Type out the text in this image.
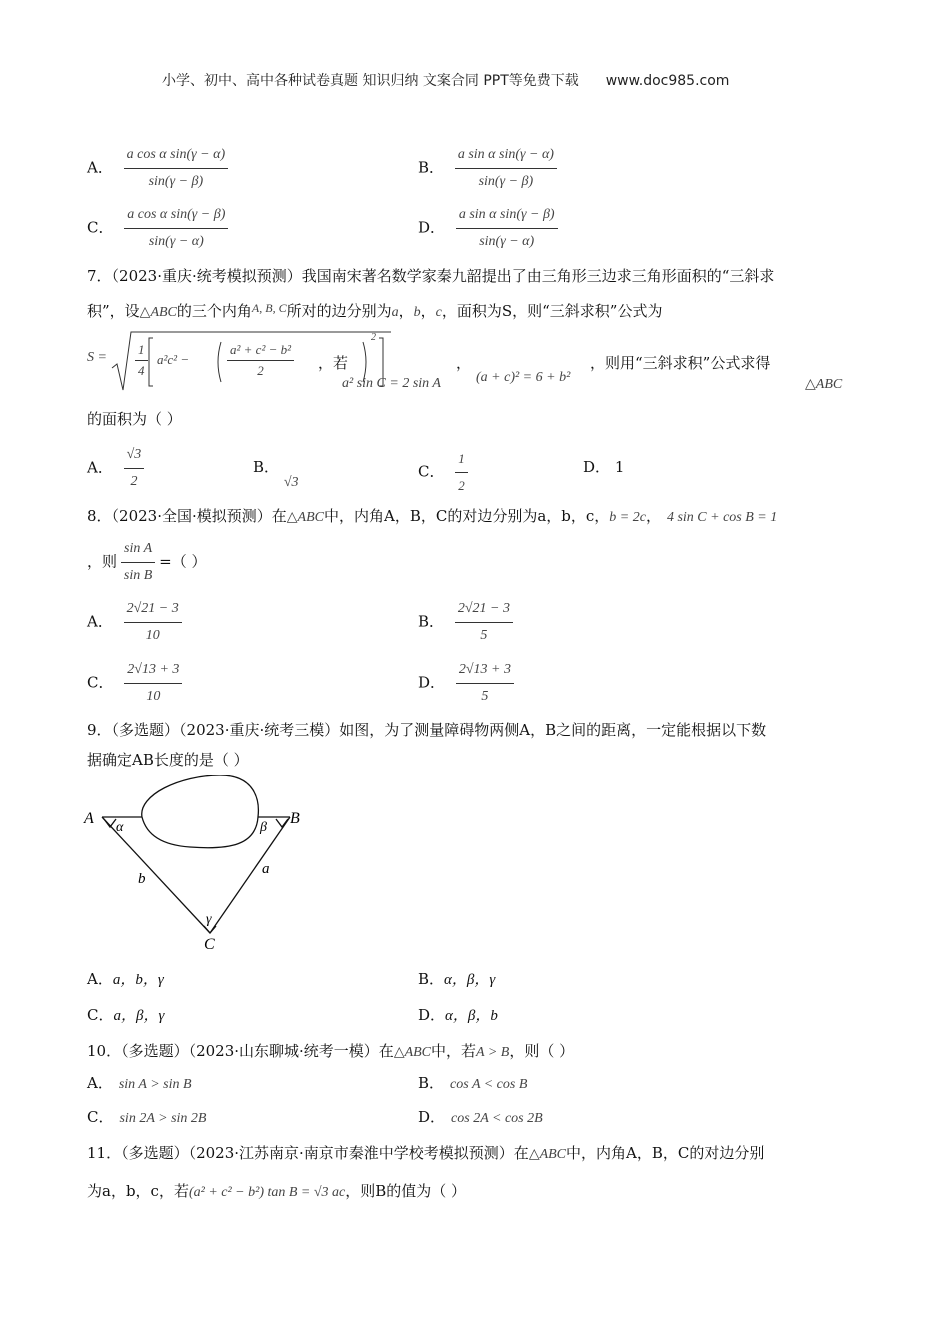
小学、初中、高中各种试卷真题 知识归纳 文案合同 PPT等免费下载 www.doc985.com
A． $\frac{\text{a cos α sin(γ − α)}}{\sin(\gamma - \beta)}$	B． $\frac{\text{a sin α sin(γ − α)}}{\sin(\gamma - \beta)}$
C． $\frac{\text{a cos α sin(γ − β)}}{\sin(\gamma - \alpha)}$	D． $\frac{\text{a sin α sin(γ − β)}}{\sin(\gamma - \alpha)}$
7．（2023·重庆·统考模拟预测）我国南宋著名数学家秦九韶提出了由三角形三边求三角形面积的“三斜求
积”，设△ABC的三个内角$^{A, B, C}$所对的边分别为a，b，c，面积为S，则“三斜求积”公式为
$S = \frac{1}{4} a^2c^2$ −	$\frac{\text{a² + c² − b²}}{2}$
2
，若
a² sin C = 2 sin A
，
(a + c)² = 6 + b²
，则用“三斜求积”公式求得
△ABC
的面积为（ ）
A． $\frac{√3}{2}$	B． √3
C． $\frac{1}{2}$	D． 1
8．（2023·全国·模拟预测）在△ABC中，内角A，B，C的对边分别为a，b，c，b = 2c， 4 sin C + cos B = 1
，则 $\frac{\text{sin A}}{\text{sin B}}$ =（ ）
A． $\frac{2√21 - 3}{10}$	B． $\frac{2√21 - 3}{5}$
C． $\frac{2√13 + 3}{10}$	D． $\frac{2√13 + 3}{5}$
9．（多选题）（2023·重庆·统考三模）如图，为了测量障碍物两侧A，B之间的距离，一定能根据以下数
据确定AB长度的是（ ）
A	B
C
α	β
γ
b
a
A．a，b，γ	B．α，β，γ
C．a，β，γ	D．α，β，b
10．（多选题）（2023·山东聊城·统考一模）在△ABC中，若A > B，则（ ）
A． sin A > sin B	B． cos A < cos B
C． sin 2A > sin 2B	D． cos 2A < cos 2B
11．（多选题）（2023·江苏南京·南京市秦淮中学校考模拟预测）在△ABC中，内角A，B，C的对边分别
为a，b，c，若(a² + c² − b²) tan B = √3 ac，则B的值为（ ）
